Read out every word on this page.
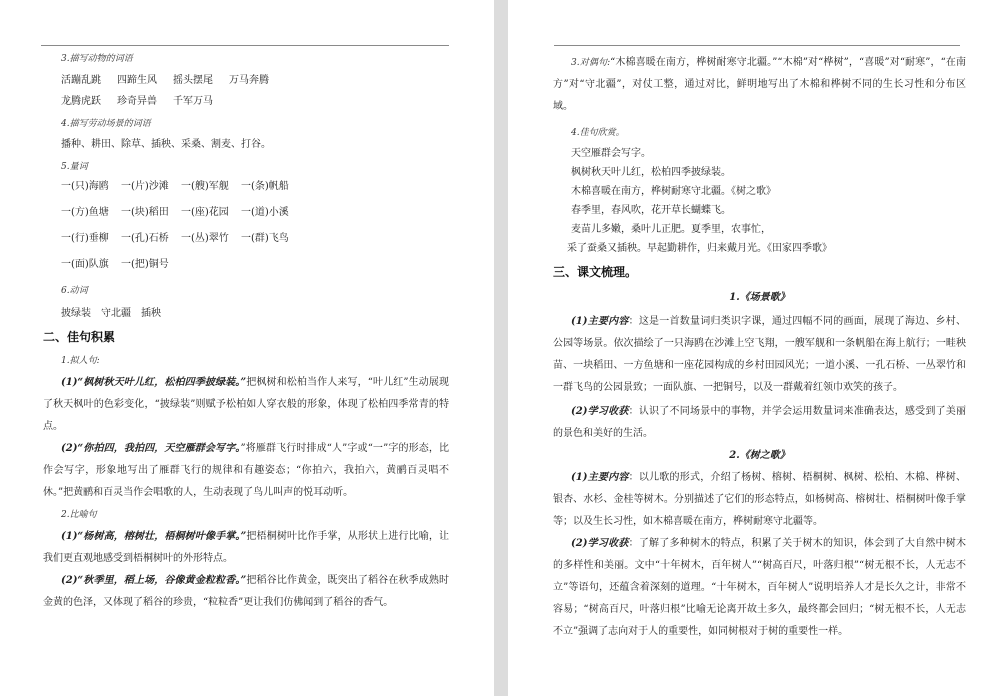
3.描写动物的词语
活蹦乱跳 四蹄生风 摇头摆尾 万马奔腾
龙腾虎跃 珍奇异兽 千军万马
4.描写劳动场景的词语
播种、耕田、除草、插秧、采桑、割麦、打谷。
5.量词
一(只)海鸥 一(片)沙滩 一(艘)军舰 一(条)帆船
一(方)鱼塘 一(块)稻田 一(座)花园 一(道)小溪
一(行)垂柳 一(孔)石桥 一(丛)翠竹 一(群)飞鸟
一(面)队旗 一(把)铜号
6.动词
披绿装　守北疆　插秧
二、佳句积累
1.拟人句:
(1)“枫树秋天叶儿红，松柏四季披绿装。”把枫树和松柏当作人来写，“叶儿红”生动展现了秋天枫叶的色彩变化，“披绿装”则赋予松柏如人穿衣般的形象，体现了松柏四季常青的特点。
(2)“你拍四，我拍四，天空雁群会写字。”将雁群飞行时排成“人”字或“一”字的形态，比作会写字，形象地写出了雁群飞行的规律和有趣姿态；“你拍六，我拍六，黄鹂百灵唱不休。”把黄鹂和百灵当作会唱歌的人，生动表现了鸟儿叫声的悦耳动听。
2.比喻句
(1)“杨树高，榕树壮，梧桐树叶像手掌。”把梧桐树叶比作手掌，从形状上进行比喻，让我们更直观地感受到梧桐树叶的外形特点。
(2)“秋季里，稻上场，谷像黄金粒粒香。”把稻谷比作黄金，既突出了稻谷在秋季成熟时金黄的色泽，又体现了稻谷的珍贵，“粒粒香”更让我们仿佛闻到了稻谷的香气。
3.对偶句:“木棉喜暖在南方，桦树耐寒守北疆。”“木棉”对“桦树”，“喜暖”对“耐寒”，“在南方”对“守北疆”，对仗工整，通过对比，鲜明地写出了木棉和桦树不同的生长习性和分布区域。
4.佳句欣赏。
天空雁群会写字。
枫树秋天叶儿红，松柏四季披绿装。
木棉喜暖在南方，桦树耐寒守北疆。《树之歌》
春季里，春风吹，花开草长蝴蝶飞。
麦苗儿多嫩，桑叶儿正肥。夏季里，农事忙，
采了蚕桑又插秧。早起勤耕作，归来戴月光。《田家四季歌》
三、课文梳理。
1.《场景歌》
(1)主要内容：这是一首数量词归类识字课，通过四幅不同的画面，展现了海边、乡村、公园等场景。依次描绘了一只海鸥在沙滩上空飞翔，一艘军舰和一条帆船在海上航行；一畦秧苗、一块稻田、一方鱼塘和一座花园构成的乡村田园风光；一道小溪、一孔石桥、一丛翠竹和一群飞鸟的公园景致；一面队旗、一把铜号，以及一群戴着红领巾欢笑的孩子。
(2)学习收获：认识了不同场景中的事物，并学会运用数量词来准确表达，感受到了美丽的景色和美好的生活。
2.《树之歌》
(1)主要内容：以儿歌的形式，介绍了杨树、榕树、梧桐树、枫树、松柏、木棉、桦树、银杏、水杉、金桂等树木。分别描述了它们的形态特点，如杨树高、榕树壮、梧桐树叶像手掌等；以及生长习性，如木棉喜暖在南方，桦树耐寒守北疆等。
(2)学习收获：了解了多种树木的特点，积累了关于树木的知识，体会到了大自然中树木的多样性和美丽。文中“十年树木，百年树人”“树高百尺，叶落归根”“树无根不长，人无志不立”等语句，还蕴含着深刻的道理。“十年树木，百年树人”说明培养人才是长久之计，非常不容易；“树高百尺，叶落归根”比喻无论离开故土多久，最终都会回归；“树无根不长，人无志不立”强调了志向对于人的重要性，如同树根对于树的重要性一样。
